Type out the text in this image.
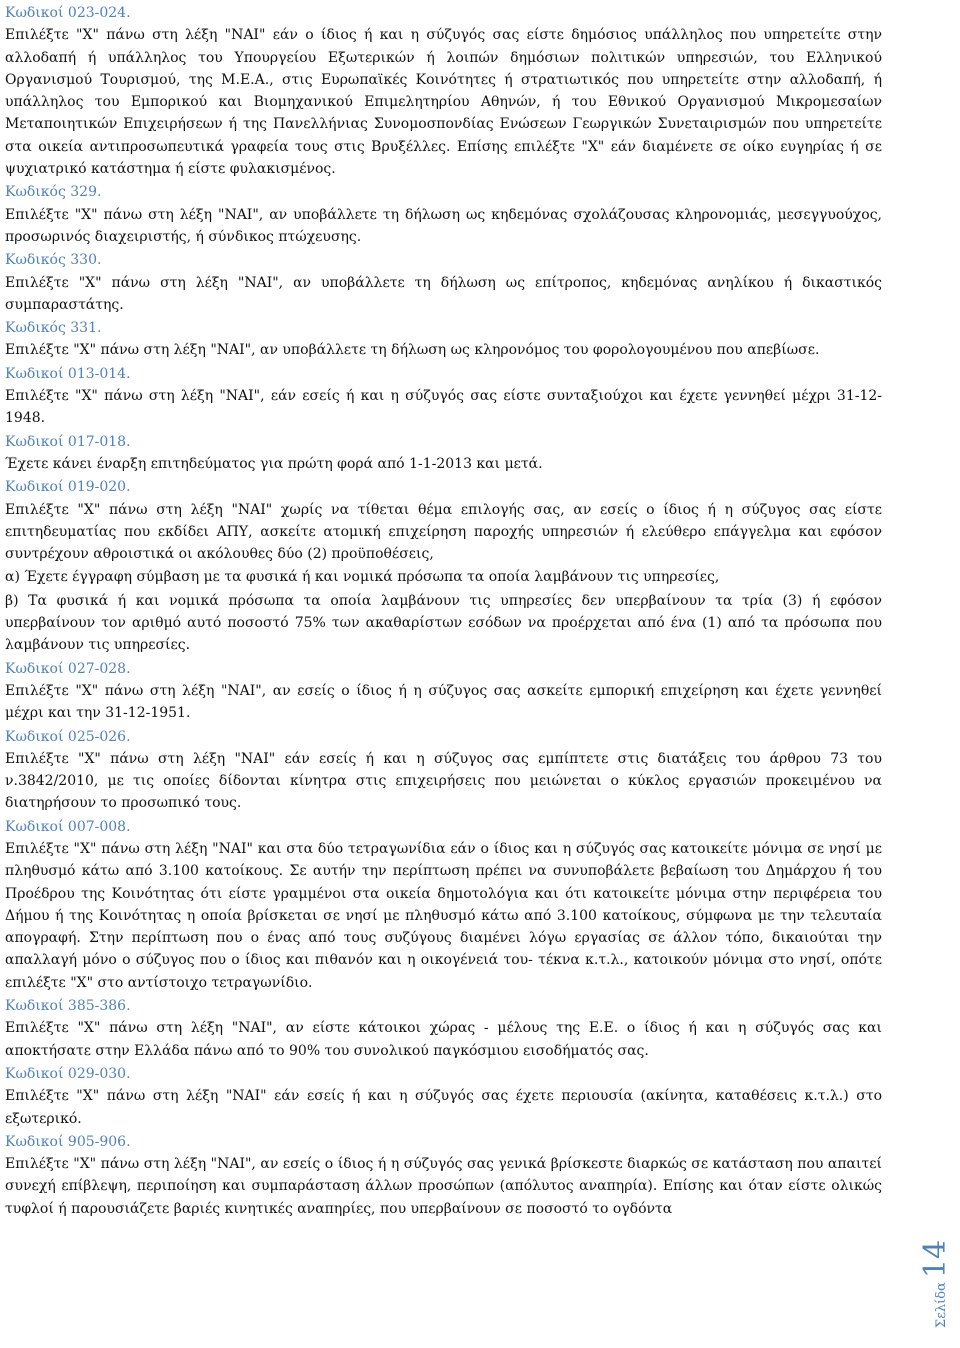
Κωδικοί 023-024.

Επιλέξτε "Χ" πάνω στη λέξη "ΝΑΙ" εάν ο ίδιος ή και η σύζυγός σας είστε δημόσιος υπάλληλος που υπηρετείτε στην αλλοδαπή ή υπάλληλος του Υπουργείου Εξωτερικών ή λοιπών δημόσιων πολιτικών υπηρεσιών, του Ελληνικού Οργανισμού Τουρισμού, της Μ.Ε.Α., στις Ευρωπαϊκές Κοινότητες ή στρατιωτικός που υπηρετείτε στην αλλοδαπή, ή υπάλληλος του Εμπορικού και Βιομηχανικού Επιμελητηρίου Αθηνών, ή του Εθνικού Οργανισμού Μικρομεσαίων Μεταποιητικών Επιχειρήσεων ή της Πανελλήνιας Συνομοσπονδίας Ενώσεων Γεωργικών Συνεταιρισμών που υπηρετείτε στα οικεία αντιπροσωπευτικά γραφεία τους στις Βρυξέλλες. Επίσης επιλέξτε "Χ" εάν διαμένετε σε οίκο ευγηρίας ή σε ψυχιατρικό κατάστημα ή είστε φυλακισμένος.

Κωδικός 329.

Επιλέξτε "Χ" πάνω στη λέξη "ΝΑΙ", αν υποβάλλετε τη δήλωση ως κηδεμόνας σχολάζουσας κληρονομιάς, μεσεγγυούχος, προσωρινός διαχειριστής, ή σύνδικος πτώχευσης.

Κωδικός 330.

Επιλέξτε "Χ" πάνω στη λέξη "ΝΑΙ", αν υποβάλλετε τη δήλωση ως επίτροπος, κηδεμόνας ανηλίκου ή δικαστικός συμπαραστάτης.

Κωδικός 331.

Επιλέξτε "Χ" πάνω στη λέξη "ΝΑΙ", αν υποβάλλετε τη δήλωση ως κληρονόμος του φορολογουμένου που απεβίωσε.

Κωδικοί 013-014.

Επιλέξτε "Χ" πάνω στη λέξη "ΝΑΙ", εάν εσείς ή και η σύζυγός σας είστε συνταξιούχοι και έχετε γεννηθεί μέχρι 31-12-1948.

Κωδικοί 017-018.

Έχετε κάνει έναρξη επιτηδεύματος για πρώτη φορά από 1-1-2013 και μετά.

Κωδικοί 019-020.

Επιλέξτε "Χ" πάνω στη λέξη "ΝΑΙ" χωρίς να τίθεται θέμα επιλογής σας, αν εσείς ο ίδιος ή η σύζυγος σας είστε επιτηδευματίας που εκδίδει ΑΠΥ, ασκείτε ατομική επιχείρηση παροχής υπηρεσιών ή ελεύθερο επάγγελμα και εφόσον συντρέχουν αθροιστικά οι ακόλουθες δύο (2) προϋποθέσεις,

α) Έχετε έγγραφη σύμβαση με τα φυσικά ή και νομικά πρόσωπα τα οποία λαμβάνουν τις υπηρεσίες,

β) Τα φυσικά ή και νομικά πρόσωπα τα οποία λαμβάνουν τις υπηρεσίες δεν υπερβαίνουν τα τρία (3) ή εφόσον υπερβαίνουν τον αριθμό αυτό ποσοστό 75% των ακαθαρίστων εσόδων να προέρχεται από ένα (1) από τα πρόσωπα που λαμβάνουν τις υπηρεσίες.

Κωδικοί 027-028.

Επιλέξτε "Χ" πάνω στη λέξη "ΝΑΙ", αν εσείς ο ίδιος ή η σύζυγος σας ασκείτε εμπορική επιχείρηση και έχετε γεννηθεί μέχρι και την 31-12-1951.

Κωδικοί 025-026.

Επιλέξτε "Χ" πάνω στη λέξη "ΝΑΙ" εάν εσείς ή και η σύζυγος σας εμπίπτετε στις διατάξεις του άρθρου 73 του ν.3842/2010, με τις οποίες δίδονται κίνητρα στις επιχειρήσεις που μειώνεται ο κύκλος εργασιών προκειμένου να διατηρήσουν το προσωπικό τους.

Κωδικοί 007-008.

Επιλέξτε "Χ" πάνω στη λέξη "ΝΑΙ" και στα δύο τετραγωνίδια εάν ο ίδιος και η σύζυγός σας κατοικείτε μόνιμα σε νησί με πληθυσμό κάτω από 3.100 κατοίκους. Σε αυτήν την περίπτωση πρέπει να συνυποβάλετε βεβαίωση του Δημάρχου ή του Προέδρου της Κοινότητας ότι είστε γραμμένοι στα οικεία δημοτολόγια και ότι κατοικείτε μόνιμα στην περιφέρεια του Δήμου ή της Κοινότητας η οποία βρίσκεται σε νησί με πληθυσμό κάτω από 3.100 κατοίκους, σύμφωνα με την τελευταία απογραφή. Στην περίπτωση που ο ένας από τους συζύγους διαμένει λόγω εργασίας σε άλλον τόπο, δικαιούται την απαλλαγή μόνο ο σύζυγος που ο ίδιος και πιθανόν και η οικογένειά του- τέκνα κ.τ.λ., κατοικούν μόνιμα στο νησί, οπότε επιλέξτε "Χ" στο αντίστοιχο τετραγωνίδιο.

Κωδικοί 385-386.

Επιλέξτε "Χ" πάνω στη λέξη "ΝΑΙ", αν είστε κάτοικοι χώρας - μέλους της Ε.Ε. ο ίδιος ή και η σύζυγός σας και αποκτήσατε στην Ελλάδα πάνω από το 90% του συνολικού παγκόσμιου εισοδήματός σας.

Κωδικοί 029-030.

Επιλέξτε "Χ" πάνω στη λέξη "ΝΑΙ" εάν εσείς ή και η σύζυγός σας έχετε περιουσία (ακίνητα, καταθέσεις κ.τ.λ.) στο εξωτερικό.

Κωδικοί 905-906.

Επιλέξτε "Χ" πάνω στη λέξη "ΝΑΙ", αν εσείς ο ίδιος ή η σύζυγός σας γενικά βρίσκεστε διαρκώς σε κατάσταση που απαιτεί συνεχή επίβλεψη, περιποίηση και συμπαράσταση άλλων προσώπων (απόλυτος αναπηρία). Επίσης και όταν είστε ολικώς τυφλοί ή παρουσιάζετε βαριές κινητικές αναπηρίες, που υπερβαίνουν σε ποσοστό το ογδόντα

Σελίδα14
